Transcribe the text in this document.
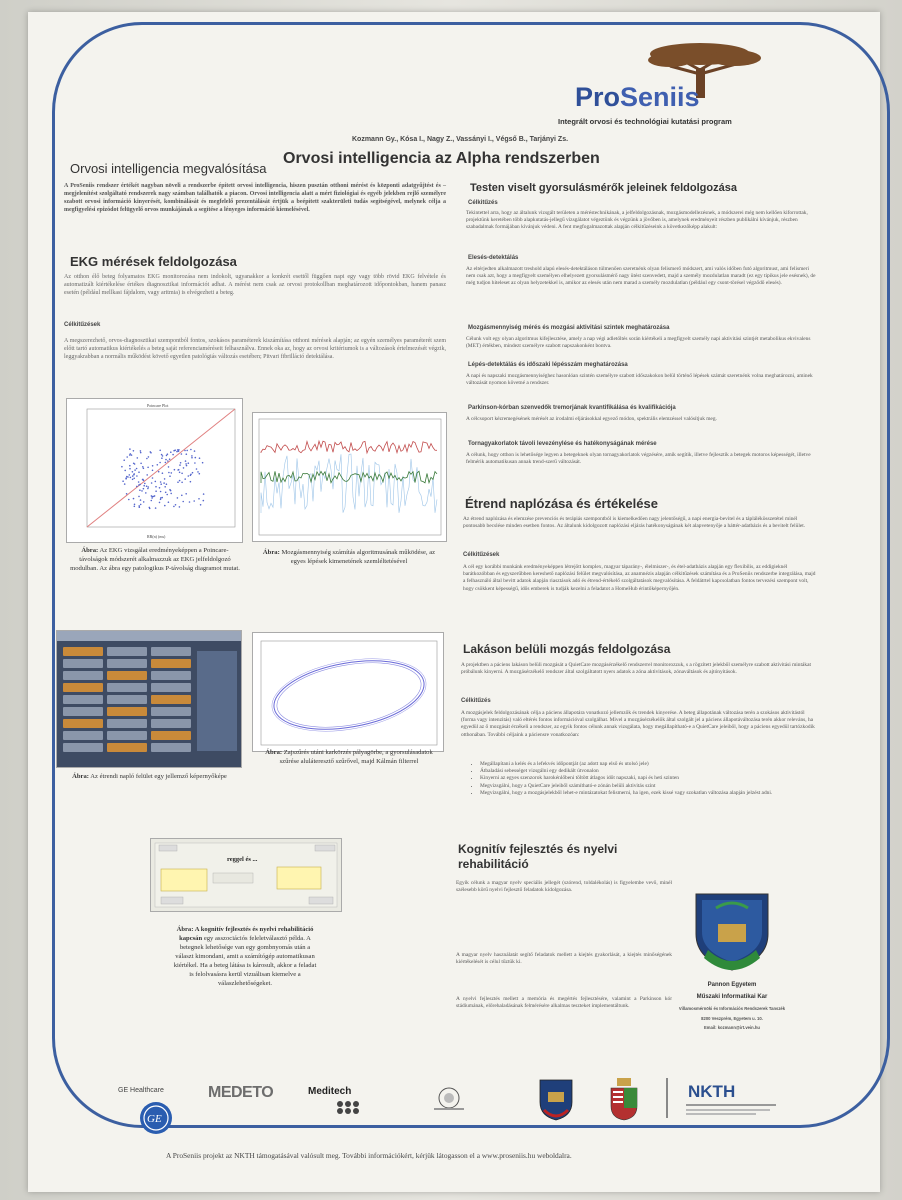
ProSeniis
Integrált orvosi és technológiai kutatási program
Kozmann Gy., Kósa I., Nagy Z., Vassányi I., Végső B., Tarjányi Zs.
Orvosi intelligencia az Alpha rendszerben
Orvosi intelligencia megvalósítása
A ProSeniis rendszer értékét nagyban növeli a rendszerbe épített orvosi intelligencia, hiszen pusztán otthoni mérést és központi adatgyűjtést és –megjelenítést szolgáltató rendszerek nagy számban találhatók a piacon. Orvosi intelligencia alatt a mért fiziológiai és egyéb jelekben rejlő személyre szabott orvosi információ kinyerését, kombinálását és megfelelő prezentálását értjük a beépített szakterületi tudás segítségével, melynek célja a megfigyelési epizódot felügyelő orvos munkájának a segítése a lényeges információ kiemelésével.
EKG mérések feldolgozása
Az otthon élő beteg folyamatos EKG monitorozása nem indokolt, ugyanakkor a konkrét esettől függően napi egy vagy több rövid EKG felvétele és automatizált kiértékelése értékes diagnosztikai információt adhat. A mérést nem csak az orvosi protokollban meghatározott időpontokban, hanem panasz esetén (például mellkasi fájdalom, vagy aritmia) is elvégezheti a beteg.
Célkitűzések
A megszerezhető, orvos-diagnosztikai szempontból fontos, szokásos paraméterek kiszámítása otthoni mérések alapján; az egyén személyes paraméterét szem előtt tartó automatikus kiértékelés a beteg saját referenciaméréseit felhasználva. Ennek oka az, hogy az orvosi kritériumok is a változások értelmezését végzik, leggyakrabban a normális működést követő egyetlen patológiás változás esetében; Pitvari fibrilláció detektálása.
Poincare Plot
RR(n) (ms)
Ábra: Az EKG vizsgálat eredményeképpen a Poincare-távolságok módszerét alkalmazzuk az EKG jelfeldolgozó modulban. Az ábra egy patologikus P-távolság diagramot mutat.
Ábra: Mozgásmennyiség számítás algoritmusának működése, az egyes lépések kimenetének szemléltetésével
Ábra: Az étrendi napló felület egy jellemző képernyőképe
Ábra: Zajszűrés utáni karkörzés pályagörbe, a gyorsulásadatok szűrése aluláteresztő szűrővel, majd Kálmán filterrel
reggel és ...
Ábra: A kognitív fejlesztés és nyelvi rehabilitáció kapcsán egy asszociációs feleletválasztó példa. A betegnek lehetősége van egy gombnyomás után a választ kimondani, amit a számítógép automatikusan kiértékel. Ha a beteg látása is károsult, akkor a feladat is felolvasásra kerül vizuálisan kiemelve a válaszlehetőségeket.
Testen viselt gyorsulásmérők jeleinek feldolgozása
Célkitűzés
Tekintettel arra, hogy az általunk vizsgált területen a méréstechnikának, a jelfeldolgozásnak, mozgásmodellezésnek, a módszerei még nem kellően kiforrottak, projektünk keretében több alapkutatás-jellegű vizsgálatot végeztünk és végzünk a jövőben is, amelynek eredményeit részben publikálni kívánjuk, részben szabadalmak formájában kívánjuk védeni. A fent megfogalmazottak alapján célkitűzéseink a következőképp alakult:
Elesés-detektálás
Az eltérjedten alkalmazott treshold alapú elesés-detektáláson túlmenően szeretnénk olyan felismerő módszert, ami valós időben futó algoritmust, ami felismeri nem csak azt, hogy a megfigyelt személyen elhelyezett gyorsulásmérő nagy ütést szenvedett, majd a személy mozdulatlan maradt (ez egy tipikus jele esésnek), de még tudjon hiteleset az olyan helyzetekkel is, amikor az elesés után nem marad a személy mozdulatlan (például egy csont-törésel végződő elesés).
Mozgásmennyiség mérés és mozgási aktivitási szintek meghatározása
Célunk volt egy olyan algoritmus kifejlesztése, amely a nap végi adletöltés során kiértékeli a megfigyelt személy napi aktivitási szintjét metabolikus ekvivalens (MET) értékben, mindezt személyre szabott napszakonként bontva.
Lépés-detektálás és időszaki lépésszám meghatározása
A napi és napszaki mozgásmennyiséghez hasonlóan szintén személyre szabott időszakokon belül történő lépések számát szeretnénk volna meghatározni, aminek változását nyomon követné a rendszer.
Parkinson-kórban szenvedők tremorjának kvantifikálása és kvalifikációja
A célcsoport kézremegésének mérését az irodalmi eljárásokkal egyező módon, spektrális elemzéssel valósítjuk meg.
Tornagyakorlatok távoli levezénylése és hatékonyságának mérése
A célunk, hogy otthon is lehetősége legyen a betegeknek olyan tornagyakorlatok végzésére, amik segítik, illetve fejlesztik a betegek motoros képességét, illetve felmérik automatikusan annak trend-szerű változását.
Étrend naplózása és értékelése
Az étrend naplózása és elemzése prevenciós és terápiás szempontból is kiemelkedően nagy jelentőségű, a napi energia-bevitel és a táplálékösszetétel minél pontosabb becslése minden esetben fontos. Az általunk kidolgozott naplózási eljárás hatékonyságának két alapvetenyője a háttér-adatbázis és a bevitelt felület.
Célkitűzések
A cél egy korábbi munkánk eredményeképpen létrejött komplex, magyar táparány-, élelmiszer-, és étel-adatbázis alapján egy flexibilis, az eddigieknél barátkozóbban és egyszerűbben kereshető naplózási felület megvalósítása, az anamnézis alapján célkitűzések számítása és a ProSeniis rendszerbe integrálása, majd a felhasználó által bevitt adatok alapján riasztások adó és étrend-értékelő szolgáltatások megvalósítása. A feldátrtel kapcsolatban fontos tervezési szempont volt, hogy csökkent képességű, idős emberek is tudják kezelni a feladatot a HomeHub érintőképernyőjén.
Lakáson belüli mozgás feldolgozása
A projektben a páciens lakáson belüli mozgását a QuietCare mozgásérzékelő rendszerrel monitorozzuk, s a rögzített jelekből személyre szabott aktivitási mintákat próbálunk kinyerni. A mozgásérzékelő rendszer által szolgáltatott nyers adatok a zóna aktivitások, zónaváltások és ajtónyitások.
Célkitűzés
A mozgásjelek feldolgozásának célja a páciens állapotára vonatkozó jellemzők és trendek kinyerése. A beteg állapotának változása terén a szokásos aktivitástól (forma vagy intenzitás) való eltérés fontos információval szolgálhat. Mivel a mozgásérzékelők által szolgált jel a páciens állapotáváltozása terén akkor releváns, ha egyedül az ő mozgását érzékeli a rendszer, az egyik fontos célunk annak vizsgálata, hogy megállapítható-e a QuietCare jeleiből, hogy a páciens egyedül tartózkodik otthonában. További céljaink a páciensre vonatkozóan:
• Megállapítani a kelés és a lefekvés időpontját (az adott nap első és utolsó jele)
• Átbaladási sebességet vizsgálni egy dedikált útvonalon
• Kinyerni az egyes szenzorok harokénlőbeni töltött átlagos időt napszaki, napi és heti szinten
• Megvizsgálni, hogy a QuietCare jeleiből számítható-e zónán belüli aktivitás szint
• Megvizsgálni, hogy a mozgásjelekből lehet-e mintázatokat felismerni, ha igen, ezek kissé vagy szokatlan változása alapján jelzést adni.
Kognitív fejlesztés és nyelvi rehabilitáció
Egyik célunk a magyar nyelv speciális jellegét (szórend, toldalékolás) is figyelembe vevő, minél szélesebb körű nyelvi fejlesztő feladatok kidolgozása.
A magyar nyelv használatát segítő feladatok mellett a kiejtés gyakorlását, a kiejtés minőségének kiértékelését is célul tűztük ki.
A nyelvi fejlesztés mellett a memória és megértés fejlesztésére, valamint a Parkinson kór stádiumának, előrehaladásának felmérésére alkalmas teszteket implementáltunk.
Pannon Egyetem
Műszaki Informatikai Kar
Villamosmérnöki és Információs Rendszerek Tanszék
8200 Veszprém, Egyetem u. 10.
Email: kozmann@irt.vein.hu
GE Healthcare
GE
MEDETO	Meditech	NKTH
A ProSeniis projekt az NKTH támogatásával valósult meg. További információkért, kérjük látogasson el a www.proseniis.hu weboldalra.
